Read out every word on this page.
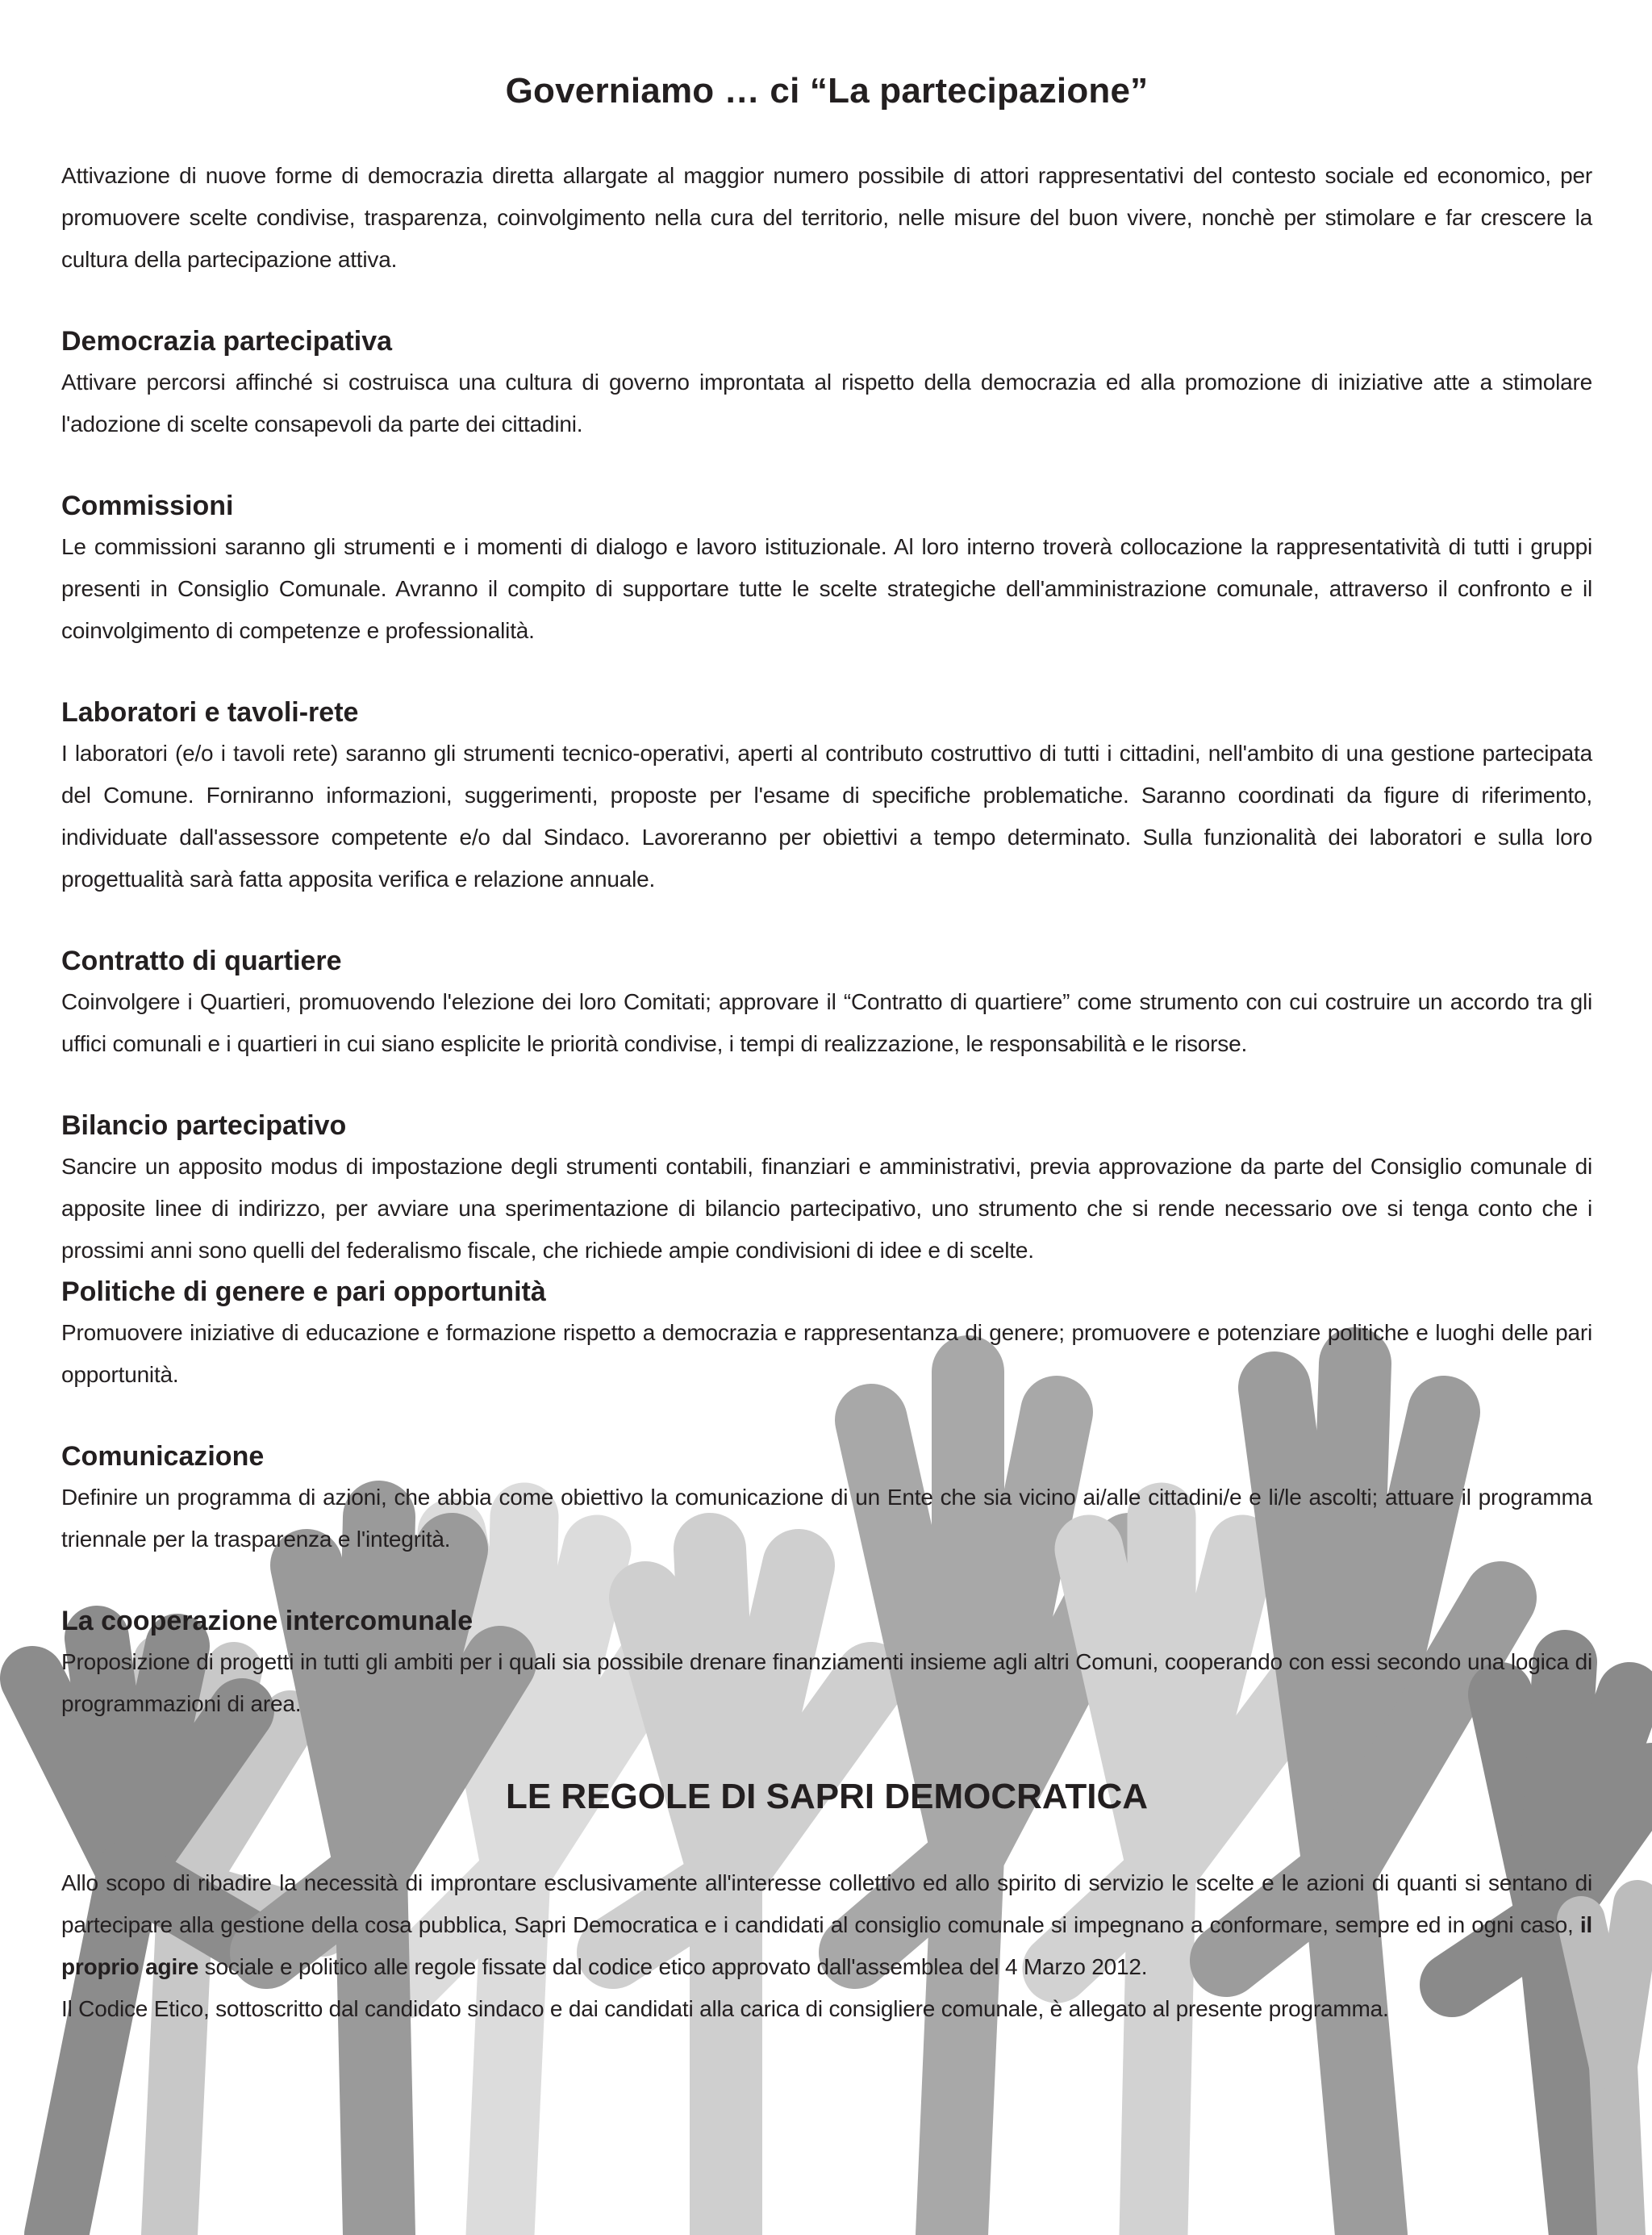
Governiamo … ci “La partecipazione”

Attivazione di nuove forme di democrazia diretta allargate al maggior numero possibile di attori rappresentativi del contesto sociale ed economico, per promuovere scelte condivise, trasparenza, coinvolgimento nella cura del territorio, nelle misure del buon vivere, nonchè per stimolare e far crescere la cultura della partecipazione attiva.

Democrazia partecipativa

Attivare percorsi affinché si costruisca una cultura di governo improntata al rispetto della democrazia ed alla promozione di iniziative atte a stimolare l'adozione di scelte consapevoli da parte dei cittadini.

Commissioni

Le commissioni saranno gli strumenti e i momenti di dialogo e lavoro istituzionale. Al loro interno troverà collocazione la rappresentatività di tutti i gruppi presenti in Consiglio Comunale. Avranno il compito di supportare tutte le scelte strategiche dell'amministrazione comunale, attraverso il confronto e il coinvolgimento di competenze e professionalità.

Laboratori e tavoli-rete

I laboratori (e/o i tavoli rete) saranno gli strumenti tecnico-operativi, aperti al contributo costruttivo di tutti i cittadini, nell'ambito di una gestione partecipata del Comune. Forniranno informazioni, suggerimenti, proposte per l'esame di specifiche problematiche. Saranno coordinati da figure di riferimento, individuate dall'assessore competente e/o dal Sindaco. Lavoreranno per obiettivi a tempo determinato. Sulla funzionalità dei laboratori e sulla loro progettualità sarà fatta apposita verifica e relazione annuale.

Contratto di quartiere

Coinvolgere i Quartieri, promuovendo l'elezione dei loro Comitati; approvare il “Contratto di quartiere” come strumento con cui costruire un accordo tra gli uffici comunali e i quartieri in cui siano esplicite le priorità condivise, i tempi di realizzazione, le responsabilità e le risorse.

Bilancio partecipativo

Sancire un apposito modus di impostazione degli strumenti contabili, finanziari e amministrativi, previa approvazione da parte del Consiglio comunale di apposite linee di indirizzo, per avviare una sperimentazione di bilancio partecipativo, uno strumento che si rende necessario ove si tenga conto che i prossimi anni sono quelli del federalismo fiscale, che richiede ampie condivisioni di idee e di scelte.

Politiche di genere e pari opportunità

Promuovere iniziative di educazione e formazione rispetto a democrazia e rappresentanza di genere; promuovere e potenziare politiche e luoghi delle pari opportunità.

Comunicazione

Definire un programma di azioni, che abbia come obiettivo la comunicazione di un Ente che sia vicino ai/alle cittadini/e e li/le ascolti; attuare il programma triennale per la trasparenza e l'integrità.

La cooperazione intercomunale

Proposizione di progetti in tutti gli ambiti per i quali sia possibile drenare finanziamenti insieme agli altri Comuni, cooperando con essi secondo una logica di programmazioni di area.

LE REGOLE DI SAPRI DEMOCRATICA

Allo scopo di ribadire la necessità di improntare esclusivamente all'interesse collettivo ed allo spirito di servizio le scelte e le azioni di quanti si sentano di partecipare alla gestione della cosa pubblica, Sapri Democratica e i candidati al consiglio comunale si impegnano a conformare, sempre ed in ogni caso, il proprio agire sociale e politico alle regole fissate dal codice etico approvato dall'assemblea del 4 Marzo 2012.

Il Codice Etico, sottoscritto dal candidato sindaco e dai candidati alla carica di consigliere comunale, è allegato al presente programma.
